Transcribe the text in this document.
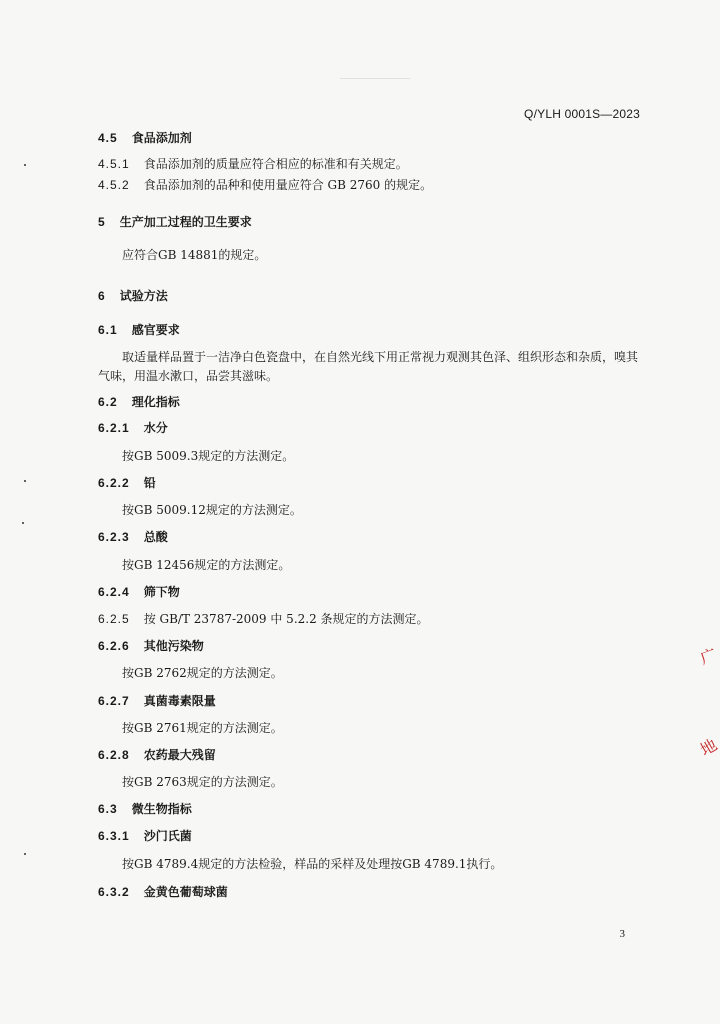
Q/YLH 0001S—2023
4.5 食品添加剂
4.5.1 食品添加剂的质量应符合相应的标准和有关规定。
4.5.2 食品添加剂的品种和使用量应符合 GB 2760 的规定。
5 生产加工过程的卫生要求
应符合GB 14881的规定。
6 试验方法
6.1 感官要求
取适量样品置于一洁净白色瓷盘中，在自然光线下用正常视力观测其色泽、组织形态和杂质，嗅其
气味，用温水漱口，品尝其滋味。
6.2 理化指标
6.2.1 水分
按GB 5009.3规定的方法测定。
6.2.2 铅
按GB 5009.12规定的方法测定。
6.2.3 总酸
按GB 12456规定的方法测定。
6.2.4 筛下物
6.2.5 按 GB/T 23787-2009 中 5.2.2 条规定的方法测定。
6.2.6 其他污染物
按GB 2762规定的方法测定。
6.2.7 真菌毒素限量
按GB 2761规定的方法测定。
6.2.8 农药最大残留
按GB 2763规定的方法测定。
6.3 微生物指标
6.3.1 沙门氏菌
按GB 4789.4规定的方法检验，样品的采样及处理按GB 4789.1执行。
6.3.2 金黄色葡萄球菌
3
广
地
